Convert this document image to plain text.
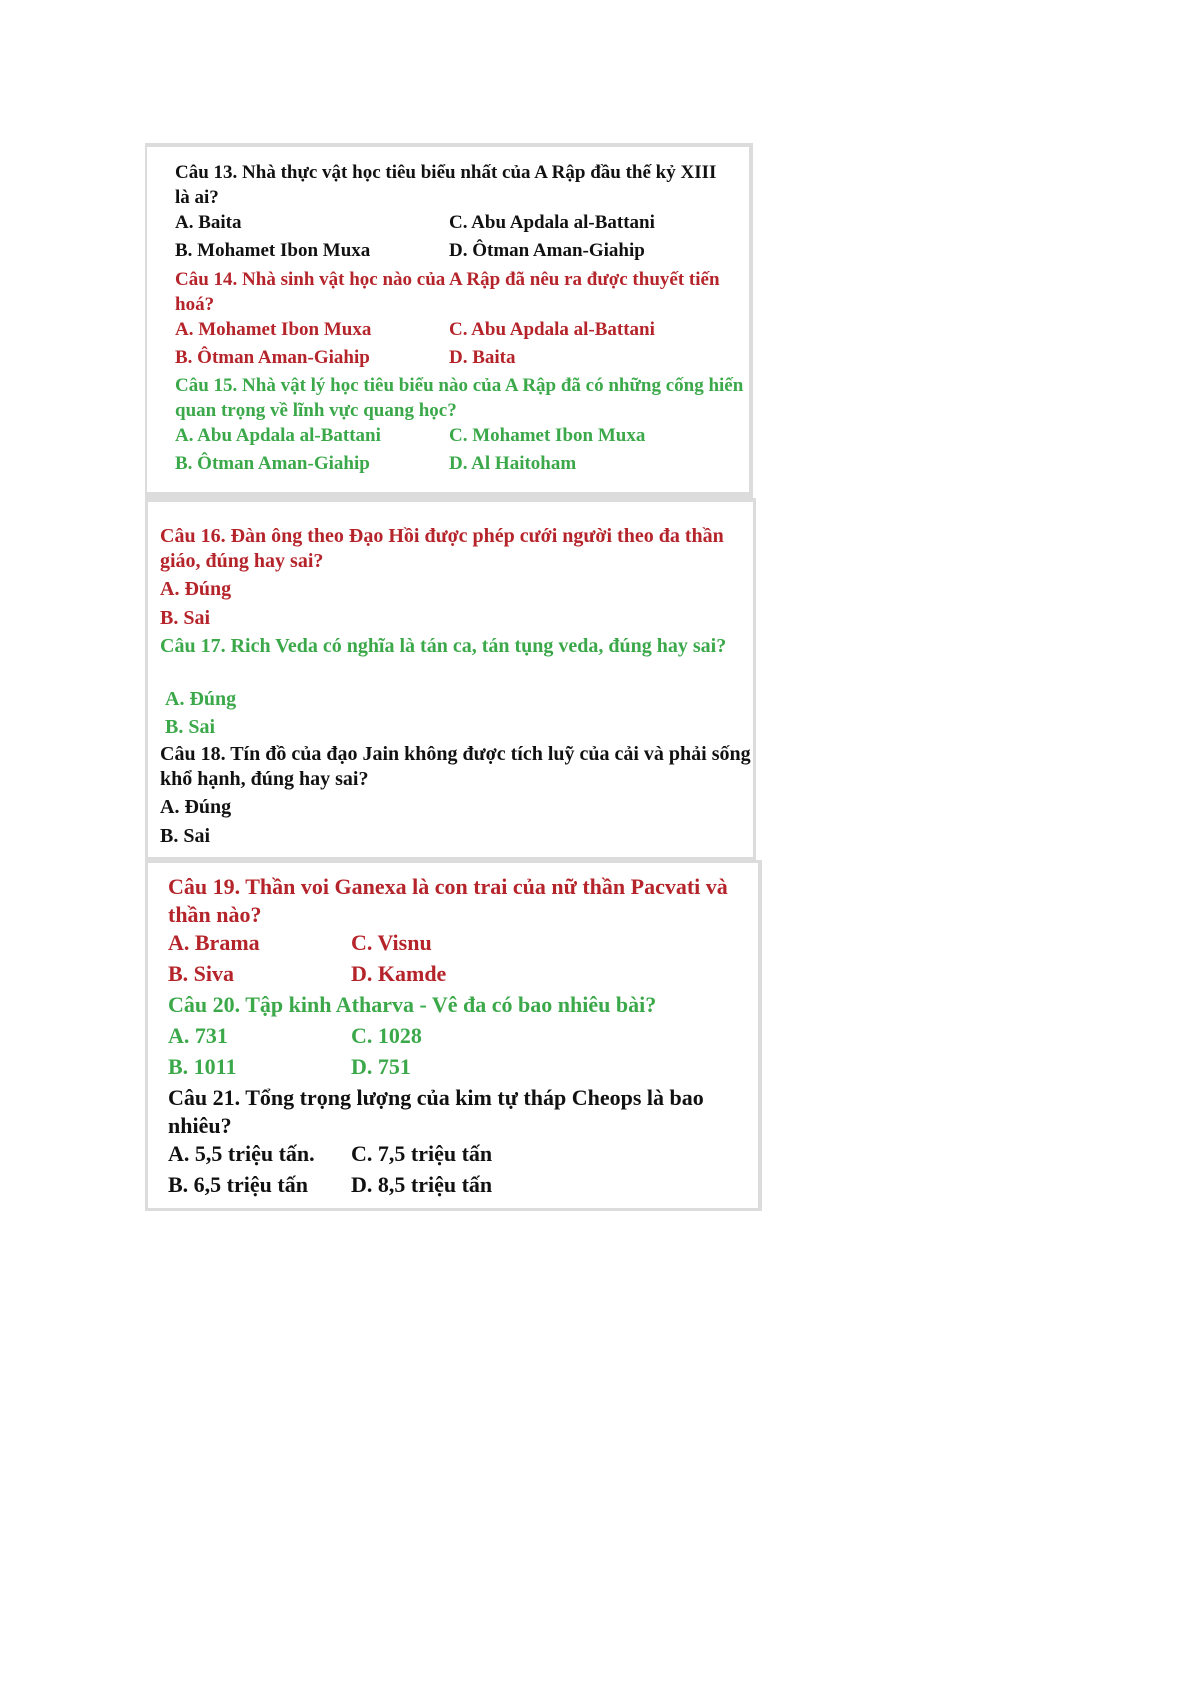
Câu 13. Nhà thực vật học tiêu biểu nhất của A Rập đầu thế kỷ XIII là ai?
A. Baita	C. Abu Apdala al-Battani
B. Mohamet Ibon Muxa	D. Ôtman Aman-Giahip
Câu 14. Nhà sinh vật học nào của A Rập đã nêu ra được thuyết tiến hoá?
A. Mohamet Ibon Muxa	C. Abu Apdala al-Battani
B. Ôtman Aman-Giahip	D. Baita
Câu 15. Nhà vật lý học tiêu biểu nào của A Rập đã có những cống hiến quan trọng về lĩnh vực quang học?
A. Abu Apdala al-Battani	C. Mohamet Ibon Muxa
B. Ôtman Aman-Giahip	D. Al Haitoham
Câu 16. Đàn ông theo Đạo Hồi được phép cưới người theo đa thần giáo, đúng hay sai?
A. Đúng
B. Sai
Câu 17. Rich Veda có nghĩa là tán ca, tán tụng veda, đúng hay sai?
A. Đúng
B. Sai
Câu 18. Tín đồ của đạo Jain không được tích luỹ của cải và phải sống khổ hạnh, đúng hay sai?
A. Đúng
B. Sai
Câu 19. Thần voi Ganexa là con trai của nữ thần Pacvati và thần nào?
A. Brama	C. Visnu
B. Siva	D. Kamde
Câu 20. Tập kinh Atharva - Vê đa có bao nhiêu bài?
A. 731	C. 1028
B. 1011	D. 751
Câu 21. Tổng trọng lượng của kim tự tháp Cheops là bao nhiêu?
A. 5,5 triệu tấn. C. 7,5 triệu tấn
B. 6,5 triệu tấn D. 8,5 triệu tấn
